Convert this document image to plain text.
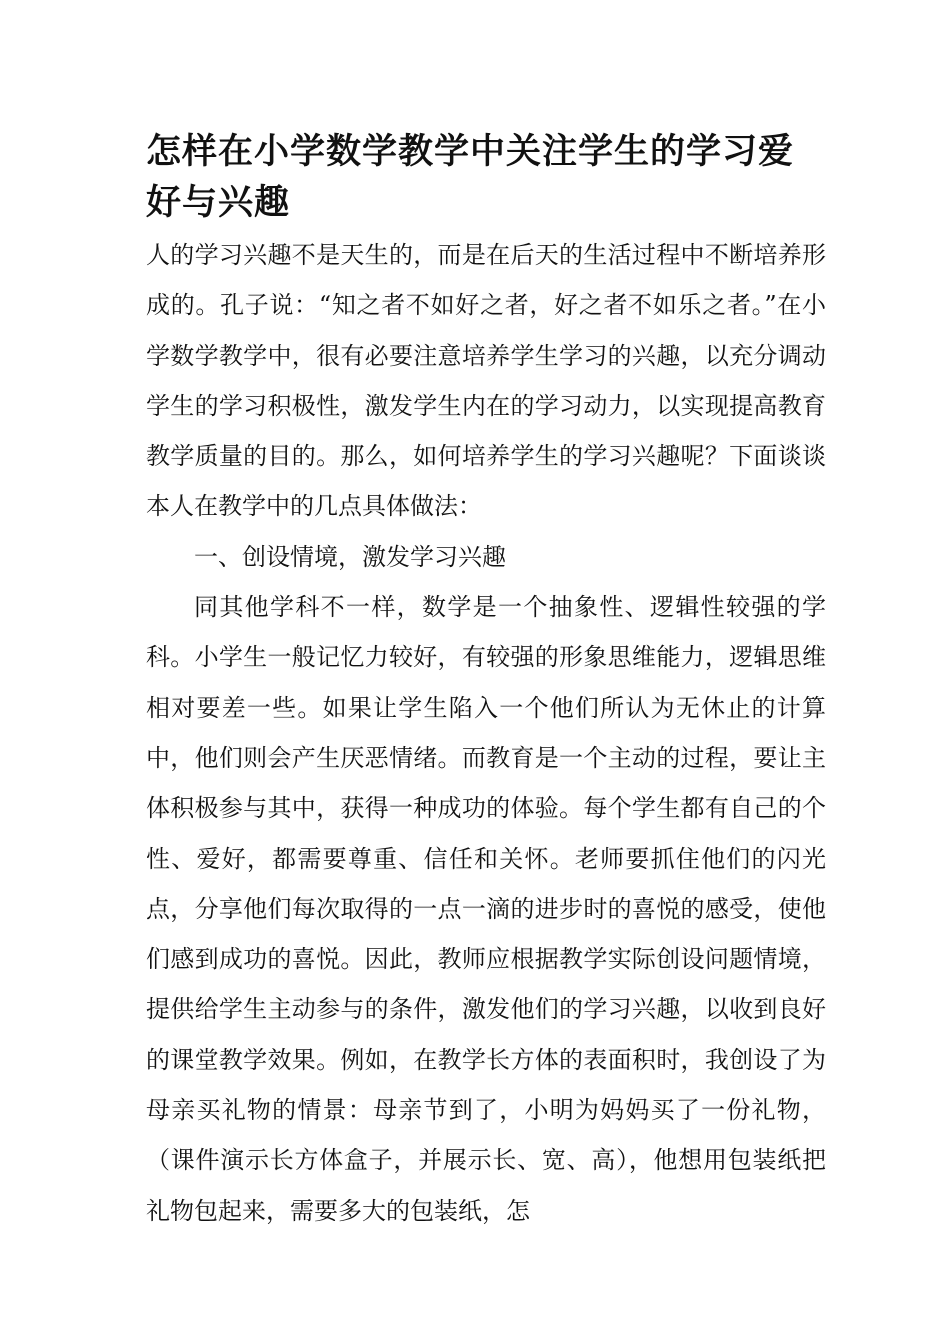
怎样在小学数学教学中关注学生的学习爱好与兴趣

人的学习兴趣不是天生的，而是在后天的生活过程中不断培养形成的。孔子说：“知之者不如好之者，好之者不如乐之者。”在小学数学教学中，很有必要注意培养学生学习的兴趣，以充分调动学生的学习积极性，激发学生内在的学习动力，以实现提高教育教学质量的目的。那么，如何培养学生的学习兴趣呢？下面谈谈本人在教学中的几点具体做法：

一、创设情境，激发学习兴趣

同其他学科不一样，数学是一个抽象性、逻辑性较强的学科。小学生一般记忆力较好，有较强的形象思维能力，逻辑思维相对要差一些。如果让学生陷入一个他们所认为无休止的计算中，他们则会产生厌恶情绪。而教育是一个主动的过程，要让主体积极参与其中，获得一种成功的体验。每个学生都有自己的个性、爱好，都需要尊重、信任和关怀。老师要抓住他们的闪光点，分享他们每次取得的一点一滴的进步时的喜悦的感受，使他们感到成功的喜悦。因此，教师应根据教学实际创设问题情境，提供给学生主动参与的条件，激发他们的学习兴趣，以收到良好的课堂教学效果。例如，在教学长方体的表面积时，我创设了为母亲买礼物的情景：母亲节到了，小明为妈妈买了一份礼物，（课件演示长方体盒子，并展示长、宽、高），他想用包装纸把礼物包起来，需要多大的包装纸，怎
